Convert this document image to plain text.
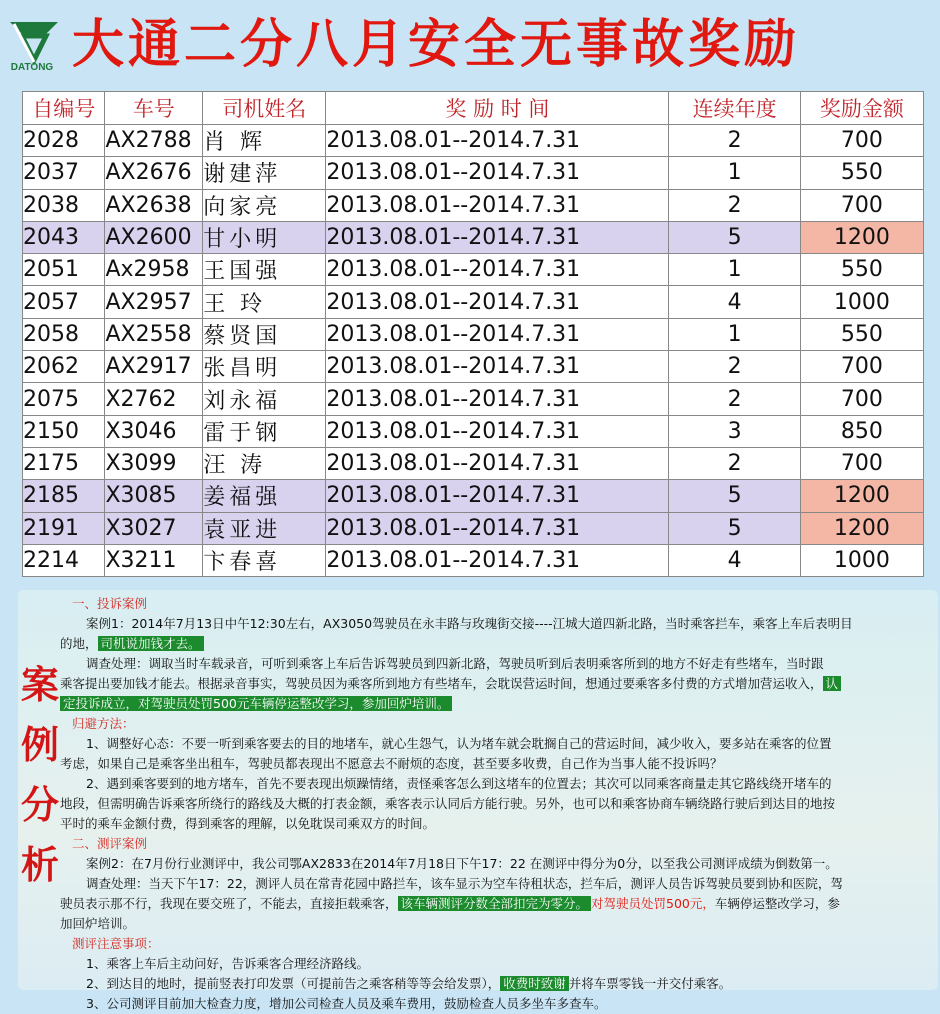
DATONG 大通二分八月安全无事故奖励
自编号	车号	司机姓名	奖 励 时 间	连续年度	奖励金额
2028	AX2788	肖 辉	2013.08.01--2014.7.31	2	700
2037	AX2676	谢建萍	2013.08.01--2014.7.31	1	550
2038	AX2638	向家亮	2013.08.01--2014.7.31	2	700
2043	AX2600	甘小明	2013.08.01--2014.7.31	5	1200
2051	Ax2958	王国强	2013.08.01--2014.7.31	1	550
2057	AX2957	王 玲	2013.08.01--2014.7.31	4	1000
2058	AX2558	蔡贤国	2013.08.01--2014.7.31	1	550
2062	AX2917	张昌明	2013.08.01--2014.7.31	2	700
2075	X2762	刘永福	2013.08.01--2014.7.31	2	700
2150	X3046	雷于钢	2013.08.01--2014.7.31	3	850
2175	X3099	汪 涛	2013.08.01--2014.7.31	2	700
2185	X3085	姜福强	2013.08.01--2014.7.31	5	1200
2191	X3027	袁亚进	2013.08.01--2014.7.31	5	1200
2214	X3211	卞春喜	2013.08.01--2014.7.31	4	1000
案
例
分
析
一、投诉案例
案例1：2014年7月13日中午12:30左右，AX3050驾驶员在永丰路与玫瑰街交接----江城大道四新北路，当时乘客拦车，乘客上车后表明目
的地， 司机说加钱才去。
调查处理：调取当时车载录音，可听到乘客上车后告诉驾驶员到四新北路，驾驶员听到后表明乘客所到的地方不好走有些堵车，当时跟
乘客提出要加钱才能去。根据录音事实，驾驶员因为乘客所到地方有些堵车，会耽误营运时间，想通过要乘客多付费的方式增加营运收入， 认
定投诉成立，对驾驶员处罚500元车辆停运整改学习，参加回炉培训。
归避方法：
1、调整好心态：不要一听到乘客要去的目的地堵车，就心生怨气，认为堵车就会耽搁自己的营运时间，减少收入，要多站在乘客的位置
考虑，如果自己是乘客坐出租车，驾驶员都表现出不愿意去不耐烦的态度，甚至要多收费，自己作为当事人能不投诉吗？
2、遇到乘客要到的地方堵车，首先不要表现出烦躁情绪，责怪乘客怎么到这堵车的位置去；其次可以同乘客商量走其它路线绕开堵车的
地段，但需明确告诉乘客所绕行的路线及大概的打表金额，乘客表示认同后方能行驶。另外，也可以和乘客协商车辆绕路行驶后到达目的地按
平时的乘车金额付费，得到乘客的理解，以免耽误司乘双方的时间。
二、测评案例
案例2：在7月份行业测评中，我公司鄂AX2833在2014年7月18日下午17：22 在测评中得分为0分，以至我公司测评成绩为倒数第一。
调查处理：当天下午17：22，测评人员在常青花园中路拦车，该车显示为空车待租状态，拦车后，测评人员告诉驾驶员要到协和医院，驾
驶员表示那不行，我现在要交班了，不能去，直接拒载乘客， 该车辆测评分数全部扣完为零分。 对驾驶员处罚500元，车辆停运整改学习，参
加回炉培训。
测评注意事项：
1、乘客上车后主动问好，告诉乘客合理经济路线。
2、到达目的地时，提前竖表打印发票（可提前告之乘客稍等等会给发票）， 收费时致谢 并将车票零钱一并交付乘客。
3、公司测评目前加大检查力度，增加公司检查人员及乘车费用，鼓励检查人员多坐车多查车。
